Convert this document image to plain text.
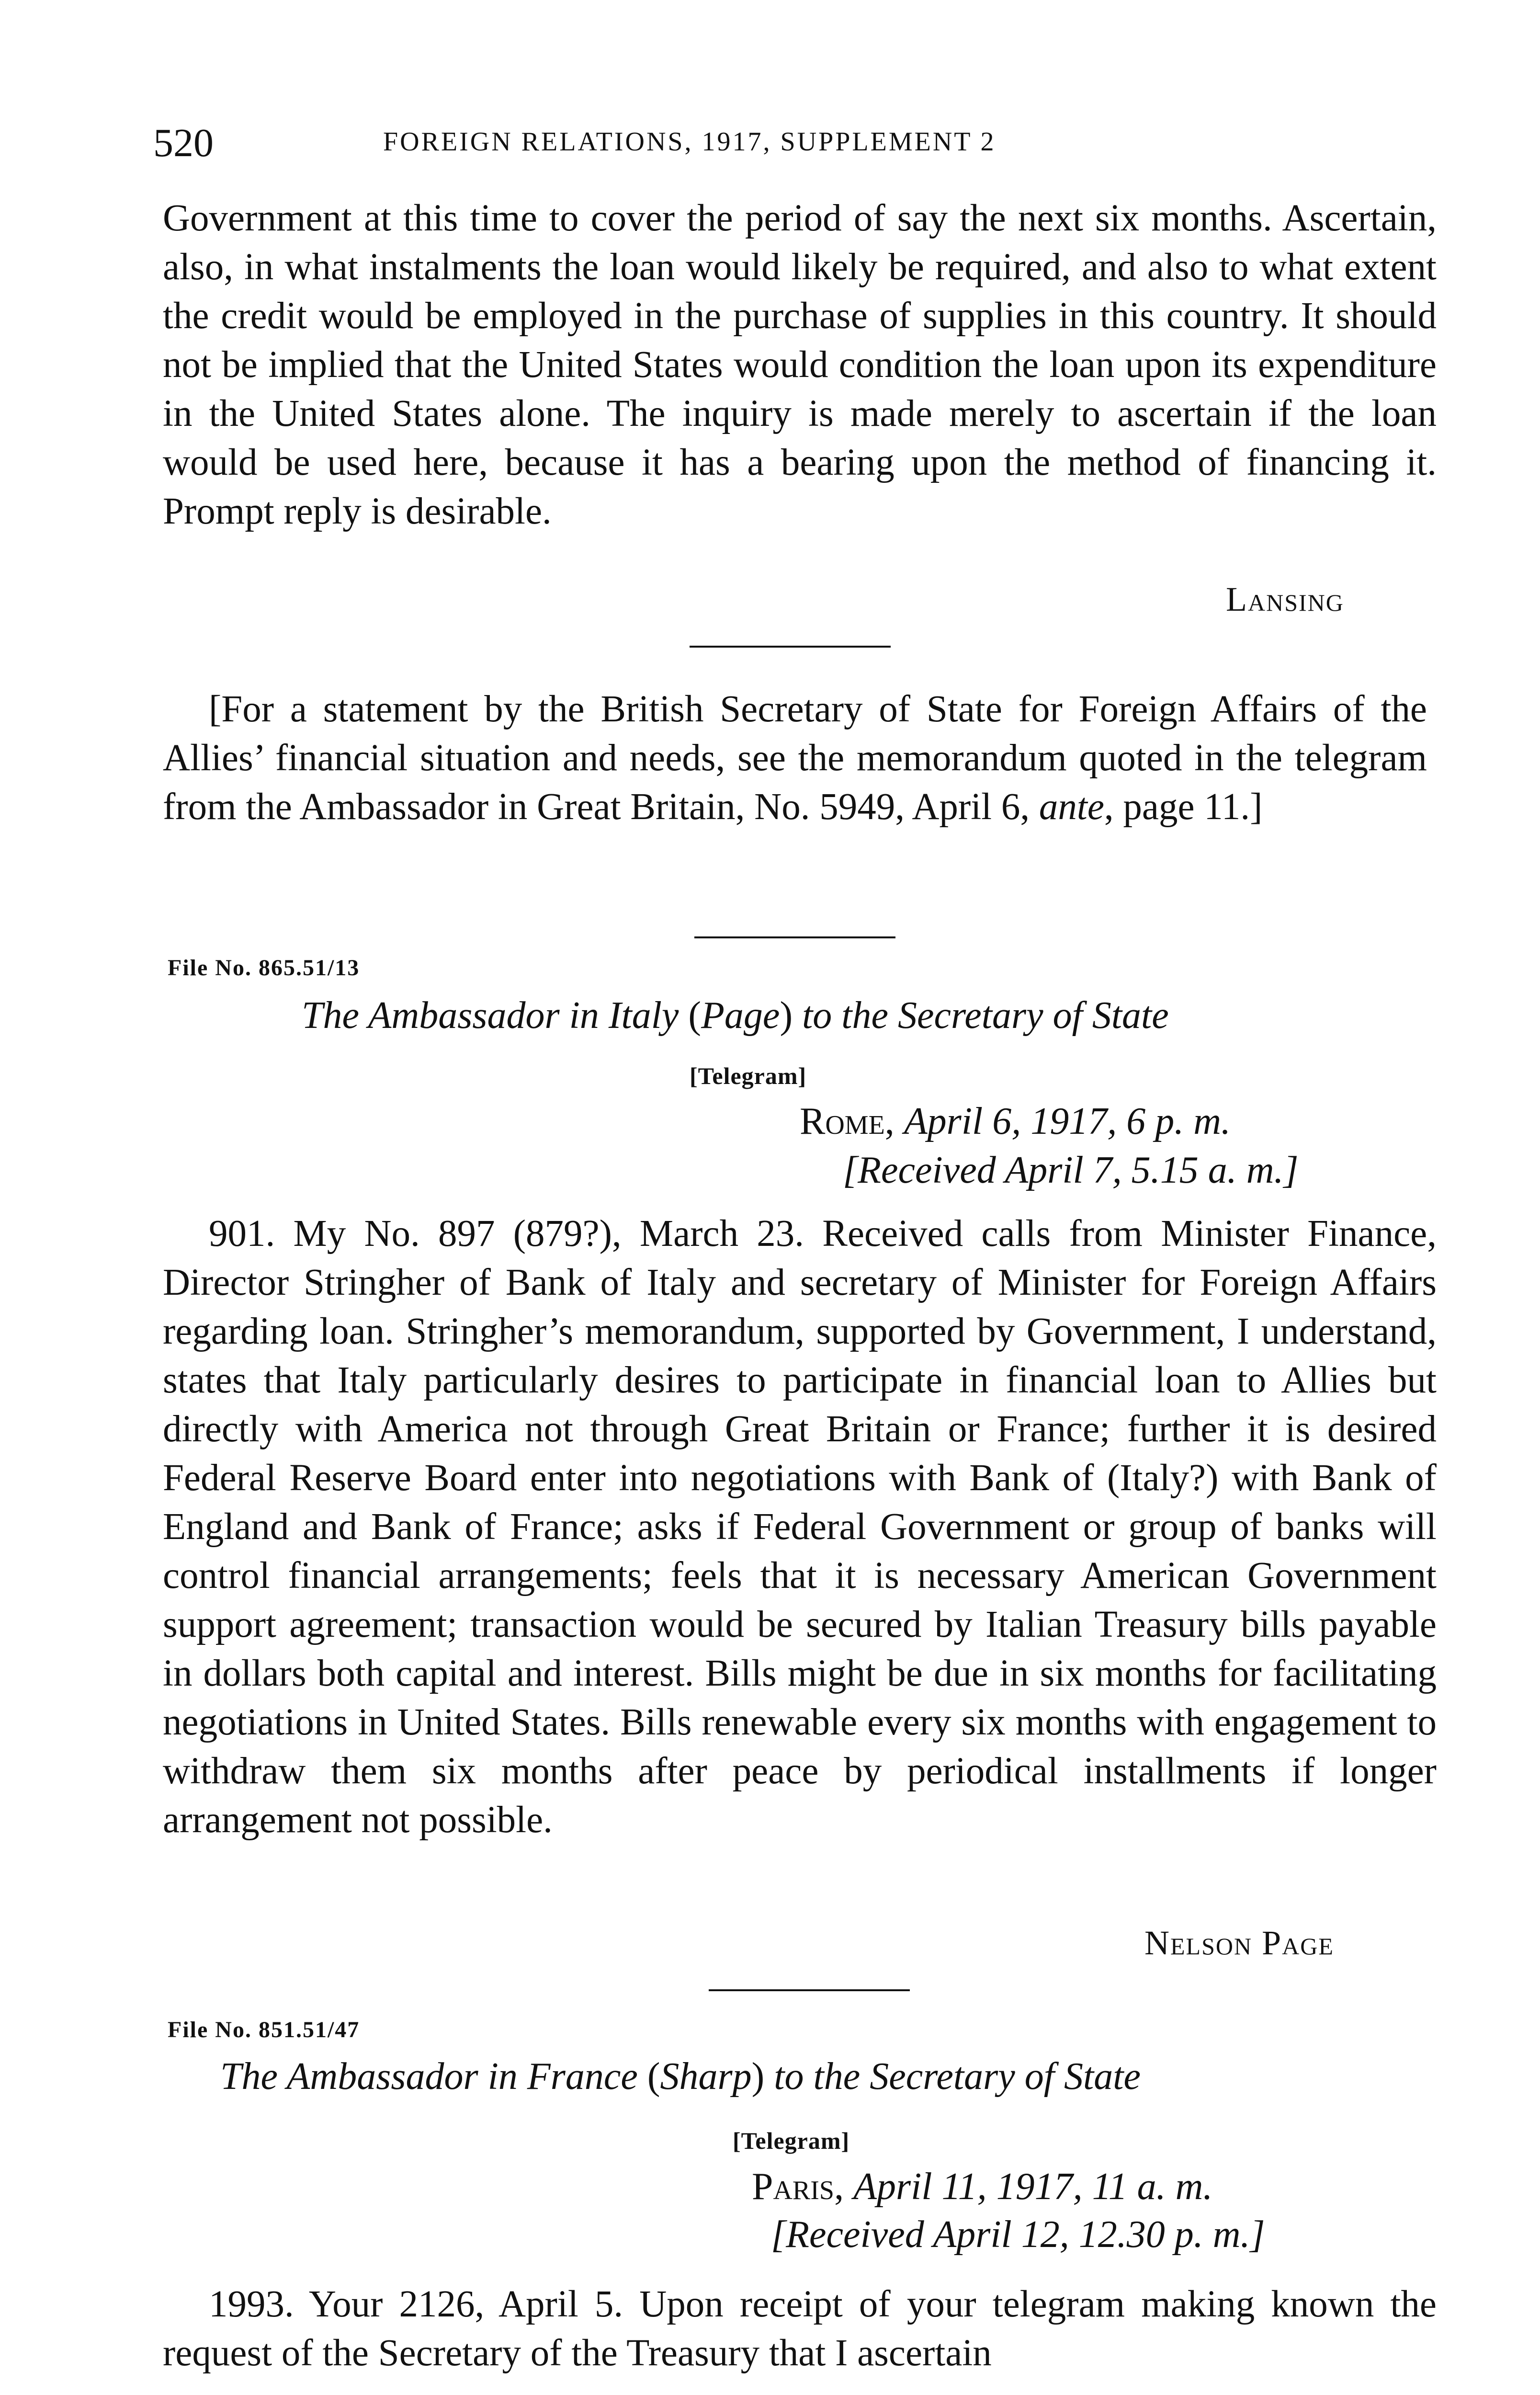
520	FOREIGN RELATIONS, 1917, SUPPLEMENT 2

Government at this time to cover the period of say the next six months. Ascertain, also, in what instalments the loan would likely be required, and also to what extent the credit would be employed in the purchase of supplies in this country. It should not be implied that the United States would condition the loan upon its expenditure in the United States alone. The inquiry is made merely to ascertain if the loan would be used here, because it has a bearing upon the method of financing it. Prompt reply is desirable.

Lansing

[For a statement by the British Secretary of State for Foreign Affairs of the Allies’ financial situation and needs, see the memorandum quoted in the telegram from the Ambassador in Great Britain, No. 5949, April 6, ante, page 11.]

File No. 865.51/13
The Ambassador in Italy (Page) to the Secretary of State
[Telegram]
Rome, April 6, 1917, 6 p. m.
[Received April 7, 5.15 a. m.]

901. My No. 897 (879?), March 23. Received calls from Minister Finance, Director Stringher of Bank of Italy and secretary of Minister for Foreign Affairs regarding loan. Stringher’s memorandum, supported by Government, I understand, states that Italy particularly desires to participate in financial loan to Allies but directly with America not through Great Britain or France; further it is desired Federal Reserve Board enter into negotiations with Bank of (Italy?) with Bank of England and Bank of France; asks if Federal Government or group of banks will control financial arrangements; feels that it is necessary American Government support agreement; transaction would be secured by Italian Treasury bills payable in dollars both capital and interest. Bills might be due in six months for facilitating negotiations in United States. Bills renewable every six months with engagement to withdraw them six months after peace by periodical installments if longer arrangement not possible.

Nelson Page
File No. 851.51/47
The Ambassador in France (Sharp) to the Secretary of State
[Telegram]
Paris, April 11, 1917, 11 a. m.
[Received April 12, 12.30 p. m.]

1993. Your 2126, April 5. Upon receipt of your telegram making known the request of the Secretary of the Treasury that I ascertain
